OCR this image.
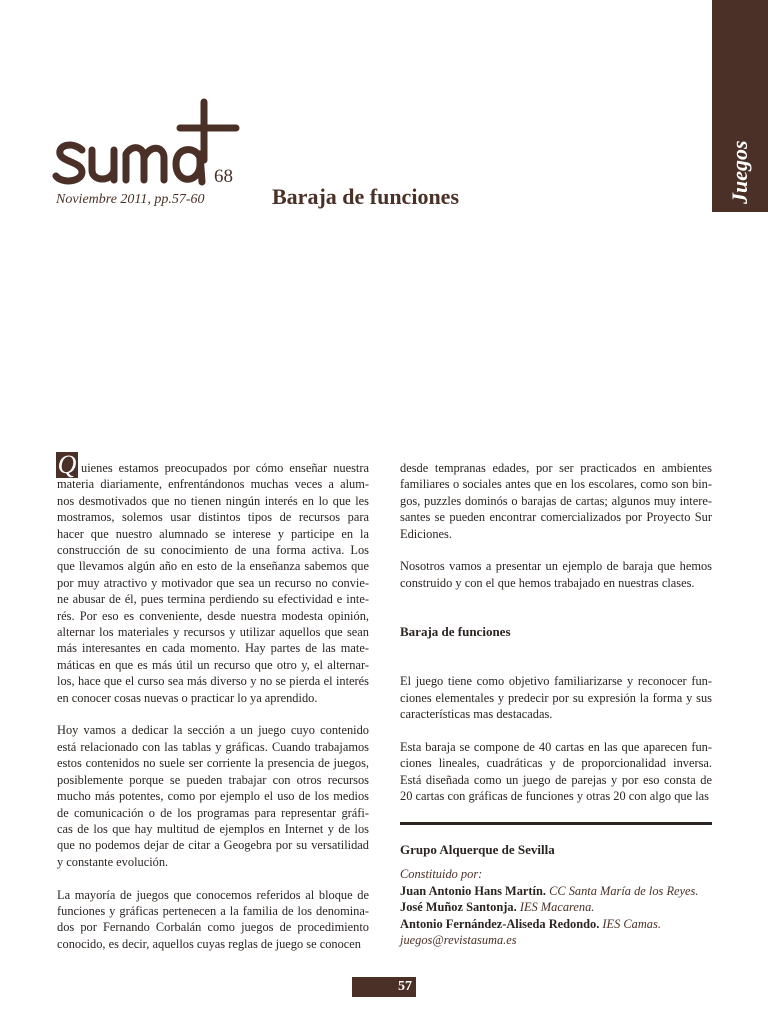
Juegos
68
Noviembre 2011, pp.57-60	Baraja de funciones
Q uienes estamos preocupados por cómo enseñar nuestra

materia diariamente, enfrentándonos muchas veces a alum-

nos desmotivados que no tienen ningún interés en lo que les

mostramos, solemos usar distintos tipos de recursos para

hacer que nuestro alumnado se interese y participe en la

construcción de su conocimiento de una forma activa. Los

que llevamos algún año en esto de la enseñanza sabemos que

por muy atractivo y motivador que sea un recurso no convie-

ne abusar de él, pues termina perdiendo su efectividad e inte-

rés. Por eso es conveniente, desde nuestra modesta opinión,

alternar los materiales y recursos y utilizar aquellos que sean

más interesantes en cada momento. Hay partes de las mate-

máticas en que es más útil un recurso que otro y, el alternar-

los, hace que el curso sea más diverso y no se pierda el interés

en conocer cosas nuevas o practicar lo ya aprendido.

Hoy vamos a dedicar la sección a un juego cuyo contenido

está relacionado con las tablas y gráficas. Cuando trabajamos

estos contenidos no suele ser corriente la presencia de juegos,

posiblemente porque se pueden trabajar con otros recursos

mucho más potentes, como por ejemplo el uso de los medios

de comunicación o de los programas para representar gráfi-

cas de los que hay multitud de ejemplos en Internet y de los

que no podemos dejar de citar a Geogebra por su versatilidad

y constante evolución.

La mayoría de juegos que conocemos referidos al bloque de

funciones y gráficas pertenecen a la familia de los denomina-

dos por Fernando Corbalán como juegos de procedimiento

conocido, es decir, aquellos cuyas reglas de juego se conocen

desde tempranas edades, por ser practicados en ambientes

familiares o sociales antes que en los escolares, como son bin-

gos, puzzles dominós o barajas de cartas; algunos muy intere-

santes se pueden encontrar comercializados por Proyecto Sur

Ediciones.

Nosotros vamos a presentar un ejemplo de baraja que hemos

construido y con el que hemos trabajado en nuestras clases.

Baraja de funciones

El juego tiene como objetivo familiarizarse y reconocer fun-

ciones elementales y predecir por su expresión la forma y sus

características mas destacadas.

Esta baraja se compone de 40 cartas en las que aparecen fun-

ciones lineales, cuadráticas y de proporcionalidad inversa.

Está diseñada como un juego de parejas y por eso consta de

20 cartas con gráficas de funciones y otras 20 con algo que las

Grupo Alquerque de Sevilla
Constituido por:
Juan Antonio Hans Martín. CC Santa María de los Reyes.
José Muñoz Santonja. IES Macarena.
Antonio Fernández-Aliseda Redondo. IES Camas.
juegos@revistasuma.es
57
